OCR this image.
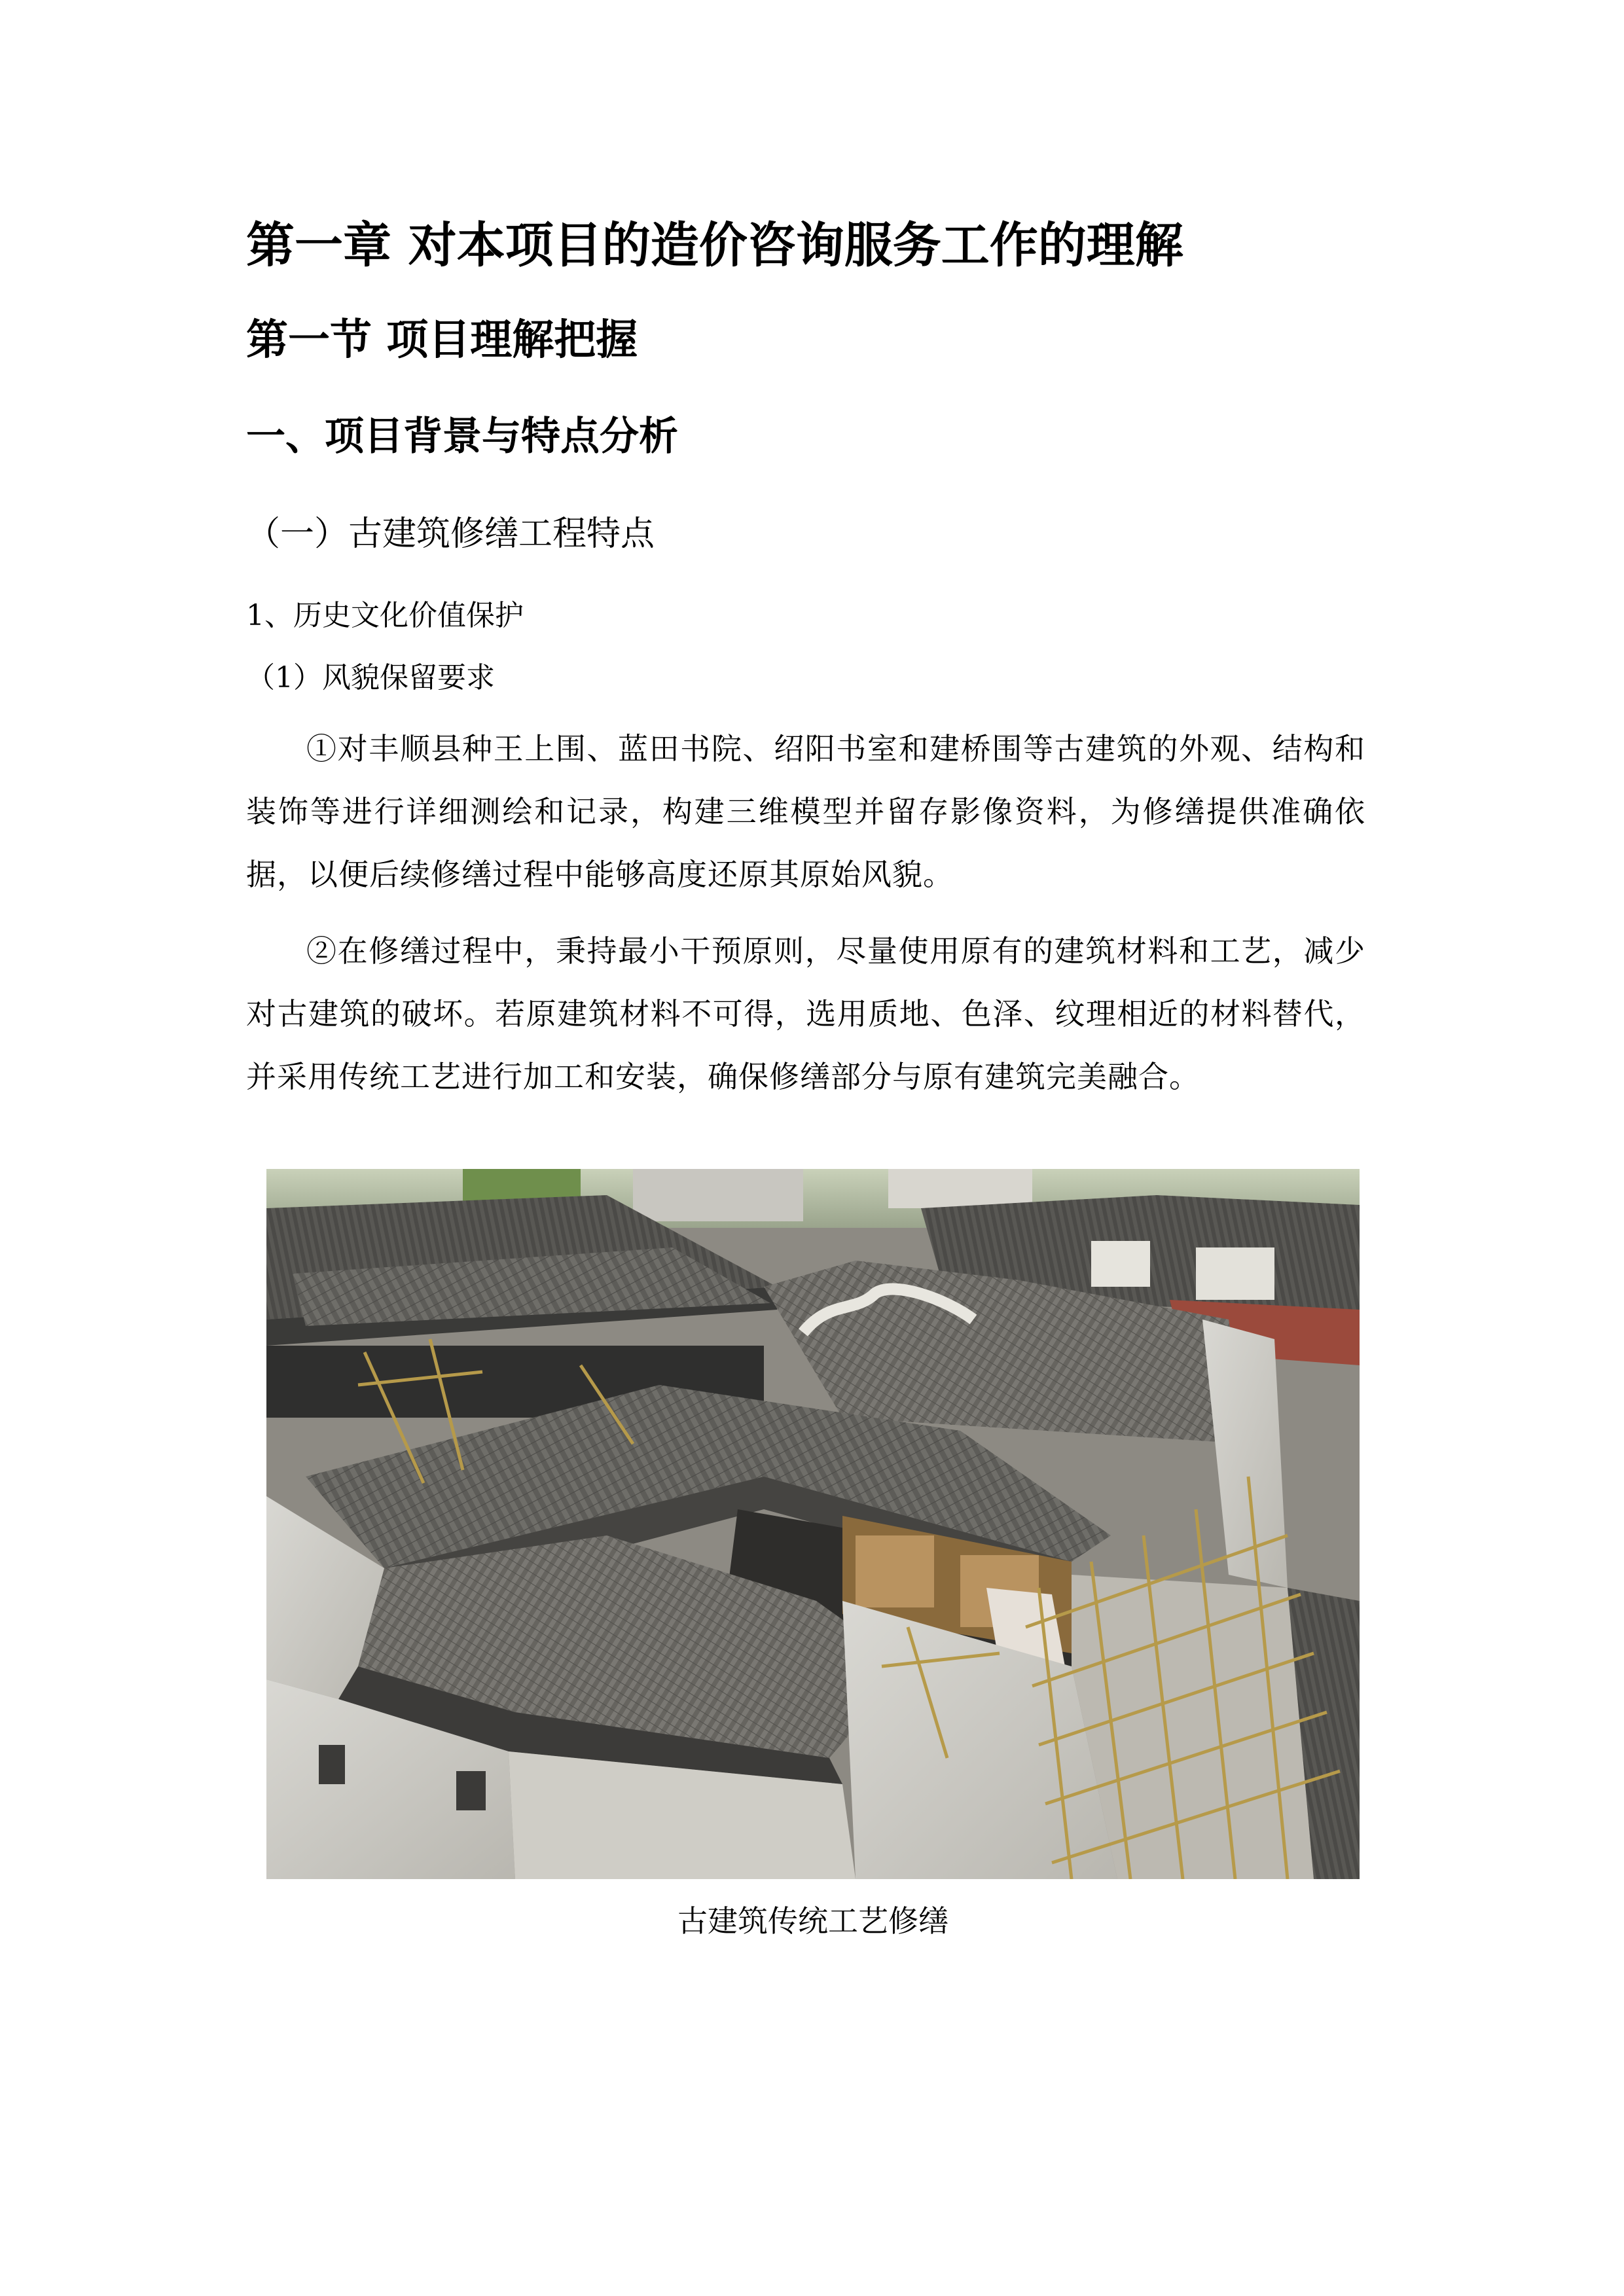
第一章 对本项目的造价咨询服务工作的理解
第一节 项目理解把握
一、项目背景与特点分析
（一）古建筑修缮工程特点

1、历史文化价值保护

（1）风貌保留要求

①对丰顺县种王上围、蓝田书院、绍阳书室和建桥围等古建筑的外观、结构和装饰等进行详细测绘和记录，构建三维模型并留存影像资料，为修缮提供准确依据，以便后续修缮过程中能够高度还原其原始风貌。

②在修缮过程中，秉持最小干预原则，尽量使用原有的建筑材料和工艺，减少对古建筑的破坏。若原建筑材料不可得，选用质地、色泽、纹理相近的材料替代，并采用传统工艺进行加工和安装，确保修缮部分与原有建筑完美融合。

古建筑传统工艺修缮
